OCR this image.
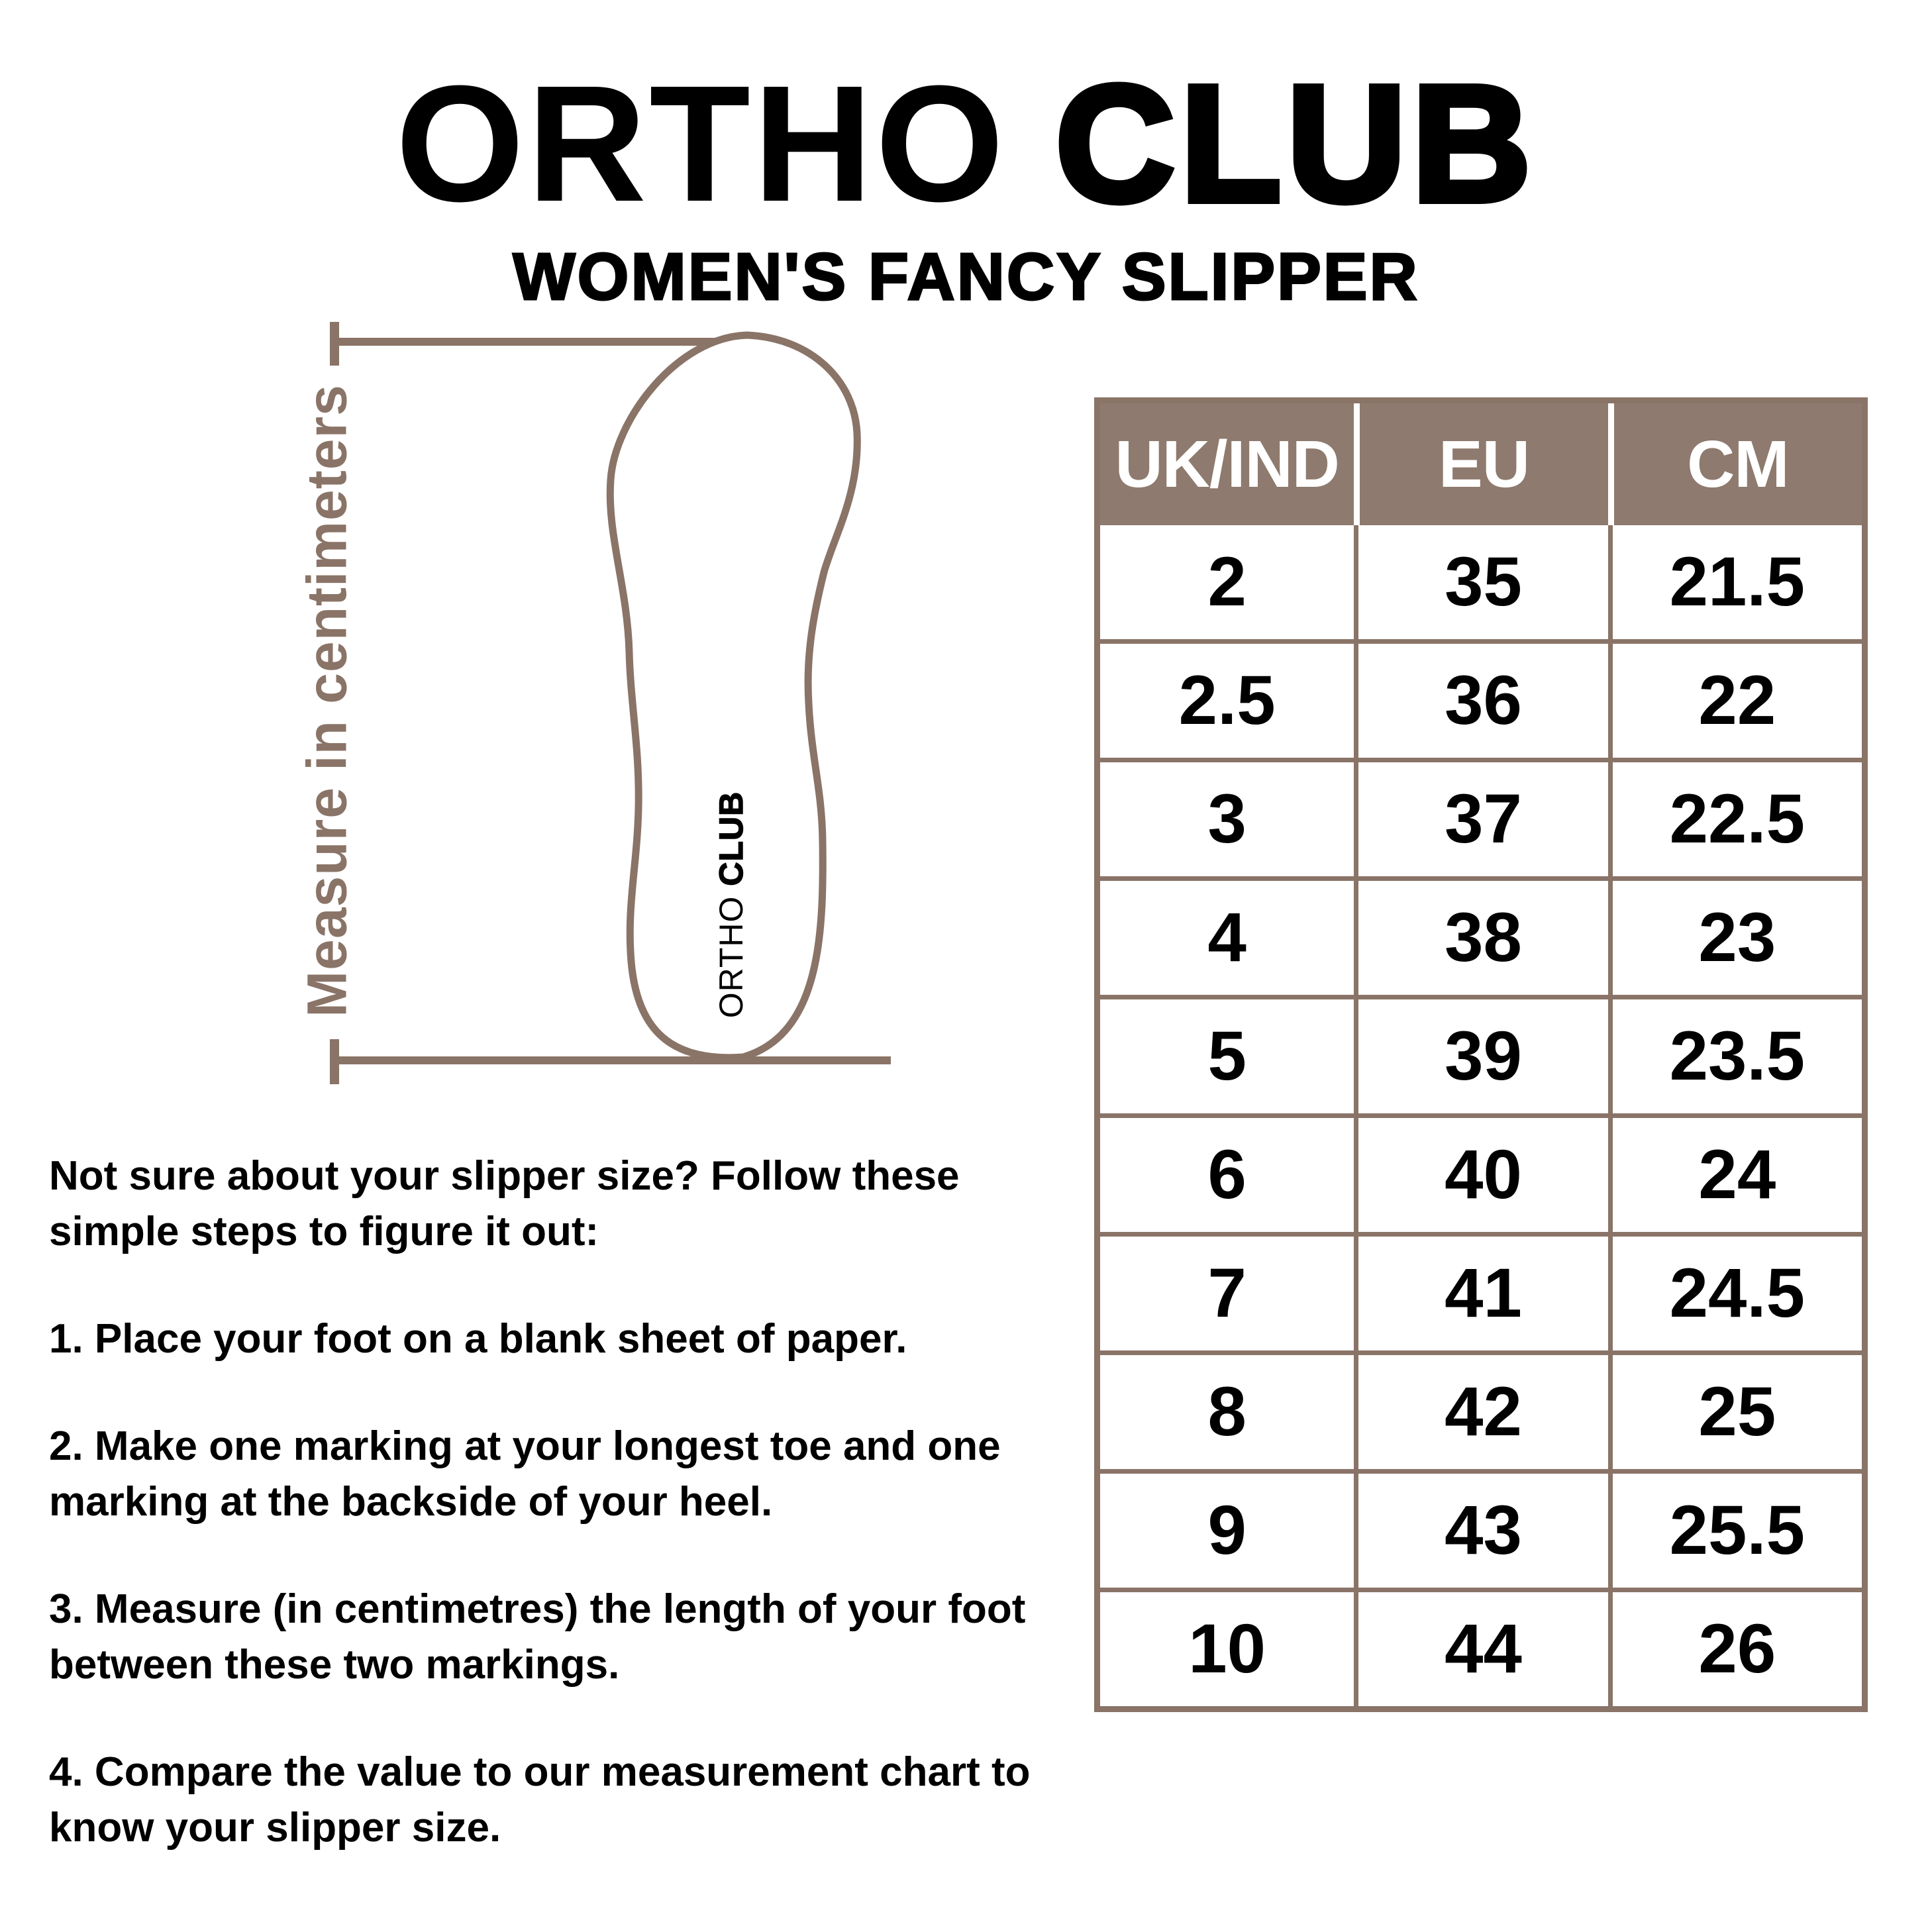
ORTHO CLUB
WOMEN'S FANCY SLIPPER
Measure in centimeters	ORTHO CLUB

Not sure about your slipper size? Follow these simple steps to figure it out:

1. Place your foot on a blank sheet of paper.

2. Make one marking at your longest toe and one marking at the backside of your heel.

3. Measure (in centimetres) the length of your foot between these two markings.

4. Compare the value to our measurement chart to know your slipper size.

UK/IND	EU	CM
2	35	21.5
2.5	36	22
3	37	22.5
4	38	23
5	39	23.5
6	40	24
7	41	24.5
8	42	25
9	43	25.5
10	44	26
